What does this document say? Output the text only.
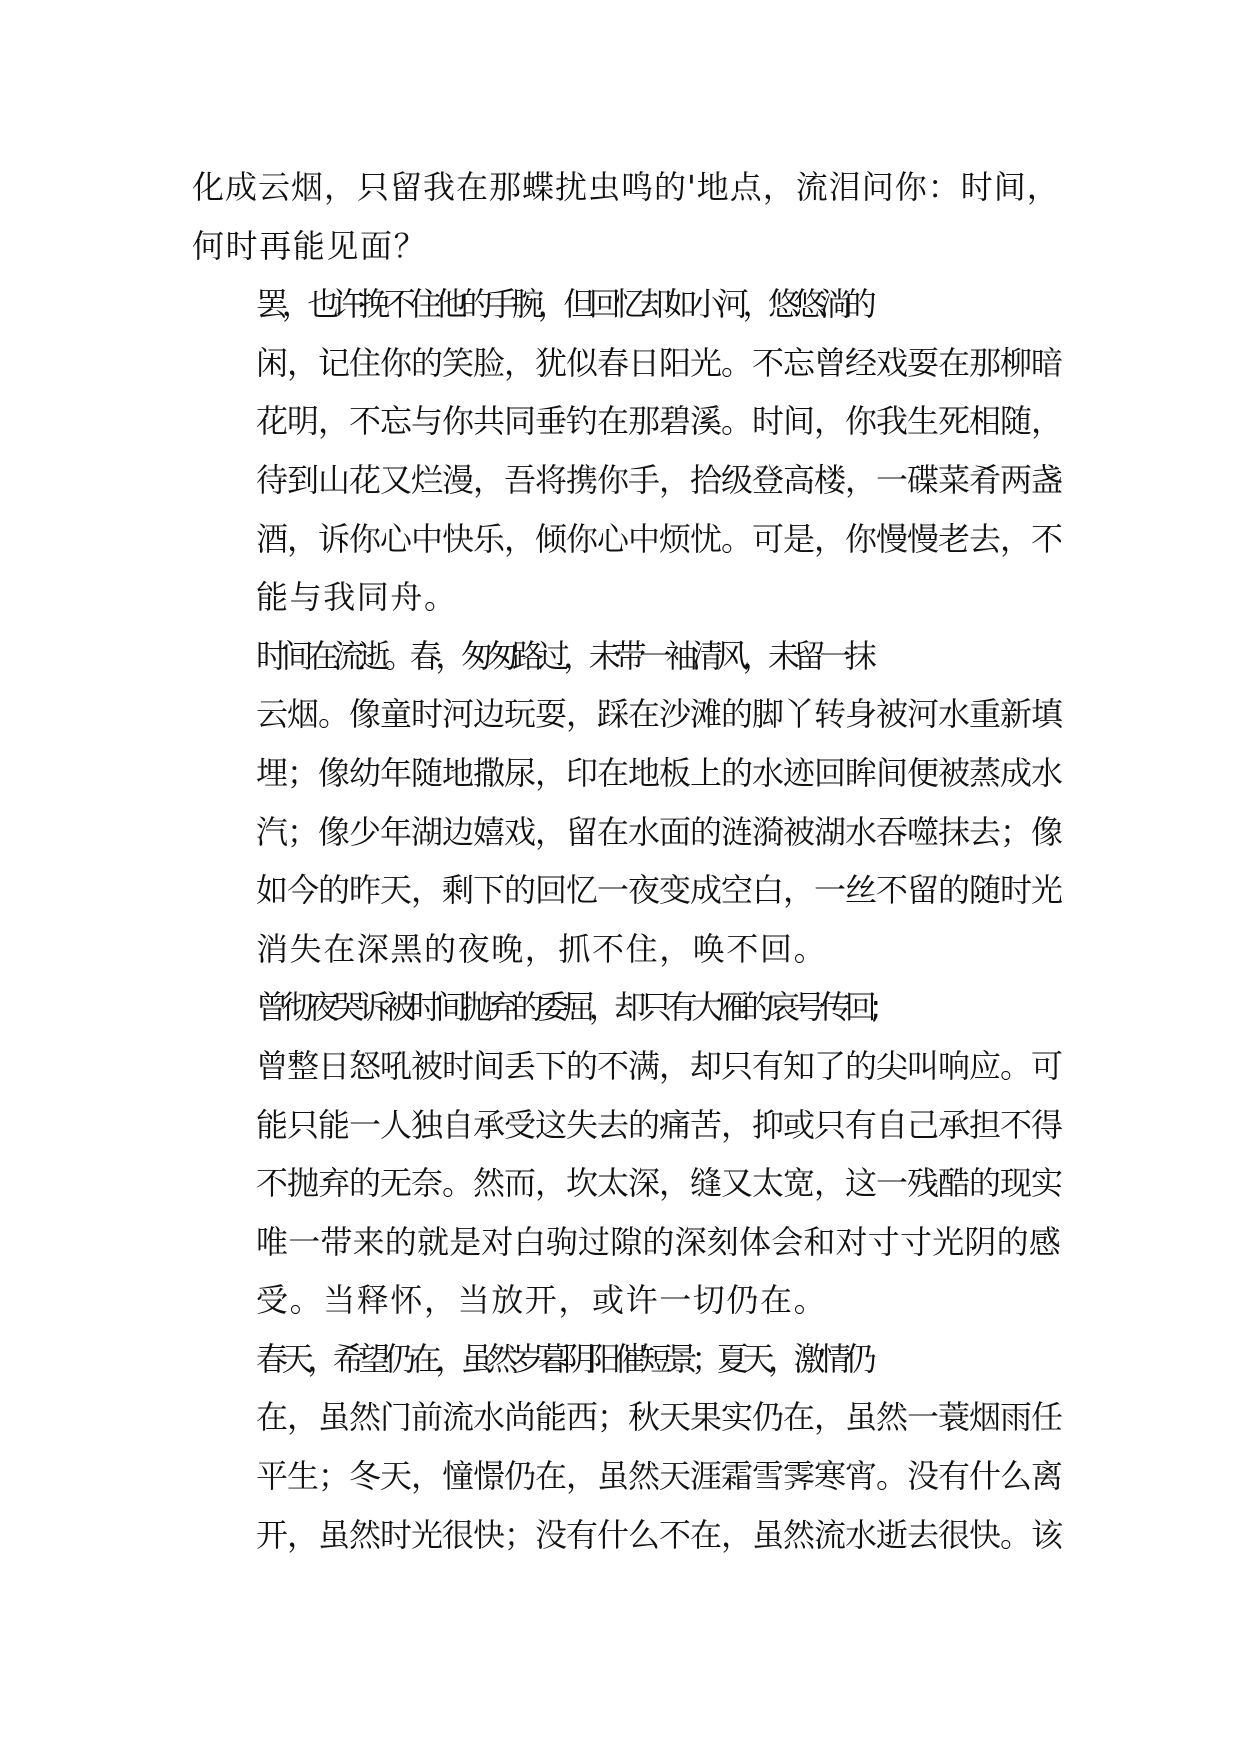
化成云烟，只留我在那蝶扰虫鸣的'地点，流泪问你：时间，
何时再能见面？

罢，也许挽不住他的手腕，但回忆却如小河，悠悠淌的
闲，记住你的笑脸，犹似春日阳光。不忘曾经戏耍在那柳暗
花明，不忘与你共同垂钓在那碧溪。时间，你我生死相随，
待到山花又烂漫，吾将携你手，拾级登高楼，一碟菜肴两盏
酒，诉你心中快乐，倾你心中烦忧。可是，你慢慢老去，不
能与我同舟。

时间在流逝。春，匆匆路过，未带一袖清风，未留一抹
云烟。像童时河边玩耍，踩在沙滩的脚丫转身被河水重新填
埋；像幼年随地撒尿，印在地板上的水迹回眸间便被蒸成水
汽；像少年湖边嬉戏，留在水面的涟漪被湖水吞噬抹去；像
如今的昨天，剩下的回忆一夜变成空白，一丝不留的随时光
消失在深黑的夜晚，抓不住，唤不回。

曾彻夜哭诉被时间抛弃的委屈，却只有大雁的哀号传回;
曾整日怒吼被时间丢下的不满，却只有知了的尖叫响应。可
能只能一人独自承受这失去的痛苦，抑或只有自己承担不得
不抛弃的无奈。然而，坎太深，缝又太宽，这一残酷的现实
唯一带来的就是对白驹过隙的深刻体会和对寸寸光阴的感
受。当释怀，当放开，或许一切仍在。

春天，希望仍在，虽然岁暮阴阳催短景；夏天，激情仍
在，虽然门前流水尚能西；秋天果实仍在，虽然一蓑烟雨任
平生；冬天，憧憬仍在，虽然天涯霜雪霁寒宵。没有什么离
开，虽然时光很快；没有什么不在，虽然流水逝去很快。该
